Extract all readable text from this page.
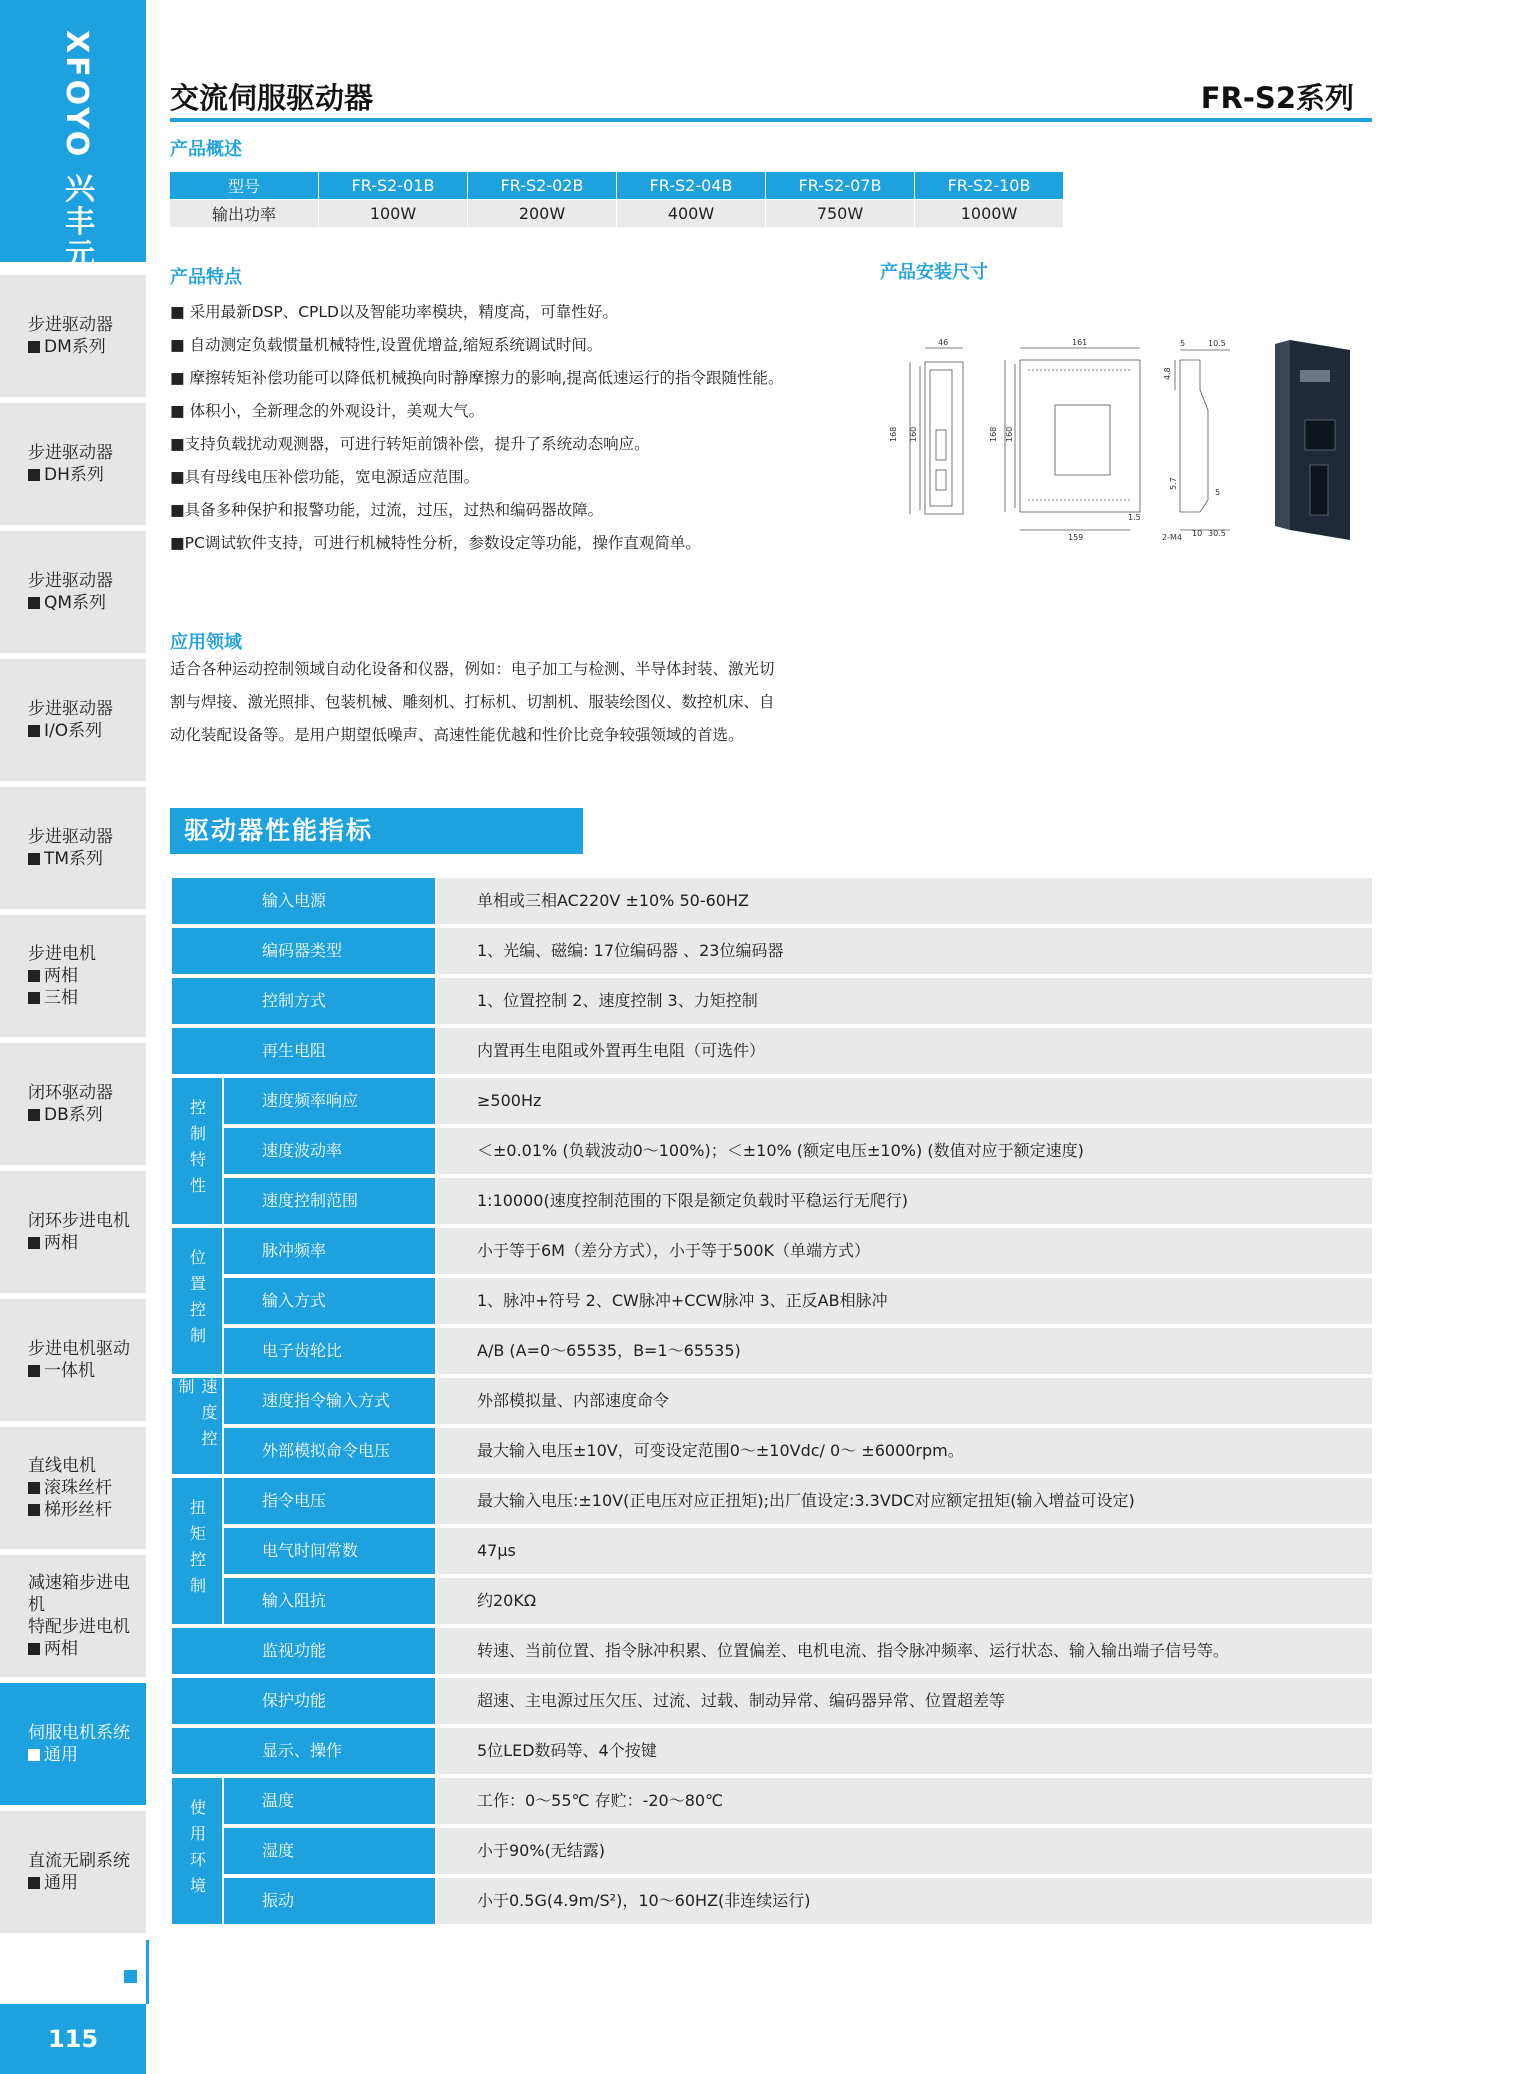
XFOYO 兴丰元
步进驱动器
DM系列
步进驱动器
DH系列
步进驱动器
QM系列
步进驱动器
I/O系列
步进驱动器
TM系列
步进电机
两相
三相
闭环驱动器
DB系列
闭环步进电机
两相
步进电机驱动
一体机
直线电机
滚珠丝杆
梯形丝杆
减速箱步进电机
特配步进电机
两相
伺服电机系统
通用
直流无刷系统
通用
115
交流伺服驱动器	FR-S2系列
产品概述
型号	FR-S2-01B	FR-S2-02B	FR-S2-04B	FR-S2-07B	FR-S2-10B
输出功率	100W	200W	400W	750W	1000W
产品特点
■ 采用最新DSP、CPLD以及智能功率模块，精度高，可靠性好。
■ 自动测定负载惯量机械特性,设置优增益,缩短系统调试时间。
■ 摩擦转矩补偿功能可以降低机械换向时静摩擦力的影响,提高低速运行的指令跟随性能。
■ 体积小，全新理念的外观设计，美观大气。
■支持负载扰动观测器，可进行转矩前馈补偿，提升了系统动态响应。
■具有母线电压补偿功能，宽电源适应范围。
■具备多种保护和报警功能，过流，过压，过热和编码器故障。
■PC调试软件支持，可进行机械特性分析，参数设定等功能，操作直观简单。
产品安装尺寸
46
168 160
161
168 160
159
1.5
5	10.5
4.8
5.7
5
2-M4 10 30.5
应用领域
适合各种运动控制领域自动化设备和仪器，例如：电子加工与检测、半导体封装、激光切割与焊接、激光照排、包装机械、雕刻机、打标机、切割机、服装绘图仪、数控机床、自动化装配设备等。是用户期望低噪声、高速性能优越和性价比竞争较强领域的首选。
驱动器性能指标
输入电源	单相或三相AC220V ±10% 50-60HZ
编码器类型	1、光编、磁编: 17位编码器 、23位编码器
控制方式	1、位置控制 2、速度控制 3、力矩控制
再生电阻	内置再生电阻或外置再生电阻（可选件）
控制特性	速度频率响应	≥500Hz
速度波动率	＜±0.01% (负载波动0～100%)；＜±10% (额定电压±10%) (数值对应于额定速度)
速度控制范围	1:10000(速度控制范围的下限是额定负载时平稳运行无爬行)
位置控制	脉冲频率	小于等于6M（差分方式），小于等于500K（单端方式）
输入方式	1、脉冲+符号 2、CW脉冲+CCW脉冲 3、正反AB相脉冲
电子齿轮比	A/B (A=0～65535，B=1～65535)
速度控制	速度指令输入方式	外部模拟量、内部速度命令
外部模拟命令电压	最大输入电压±10V，可变设定范围0～±10Vdc/ 0～ ±6000rpm。
扭矩控制	指令电压	最大输入电压:±10V(正电压对应正扭矩);出厂值设定:3.3VDC对应额定扭矩(输入增益可设定)
电气时间常数	47μs
输入阻抗	约20KΩ
监视功能	转速、当前位置、指令脉冲积累、位置偏差、电机电流、指令脉冲频率、运行状态、输入输出端子信号等。
保护功能	超速、主电源过压欠压、过流、过载、制动异常、编码器异常、位置超差等
显示、操作	5位LED数码等、4个按键
使用环境	温度	工作：0～55℃ 存贮：-20～80℃
湿度	小于90%(无结露)
振动	小于0.5G(4.9m/S²)，10～60HZ(非连续运行)
